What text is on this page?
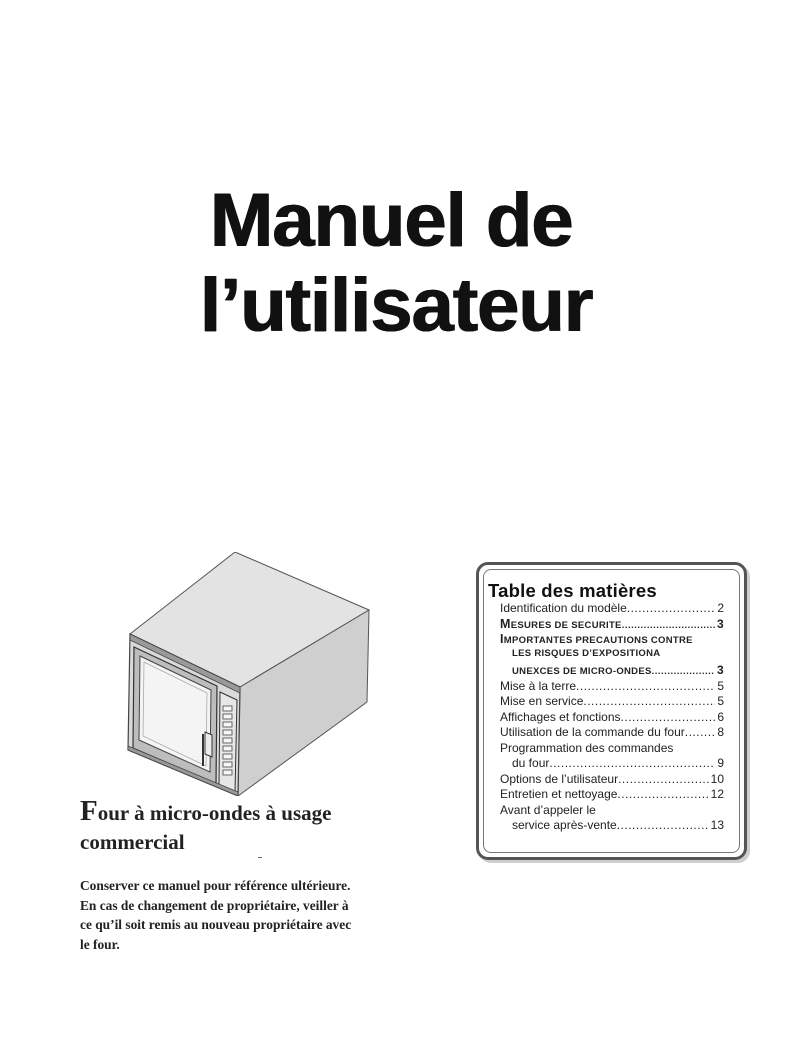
Manuel de
l’utilisateur
Four à micro-ondes à usage
commercial
Conserver ce manuel pour référence ultérieure.
En cas de changement de propriétaire, veiller à
ce qu’il soit remis au nouveau propriétaire avec
le four.
Table des matières
Identification du modèle .....	2
MESURES DE SECURITE .....	3
IMPORTANTES PRECAUTIONS CONTRE
LES RISQUES D’EXPOSITIONA
UNEXCES DE MICRO-ONDES .....	3
Mise à la terre .....	5
Mise en service .....	5
Affichages et fonctions .....	6
Utilisation de la commande du four .....	8
Programmation des commandes
du four .....	9
Options de l’utilisateur .....	10
Entretien et nettoyage .....	12
Avant d’appeler le
service après-vente .....	13
